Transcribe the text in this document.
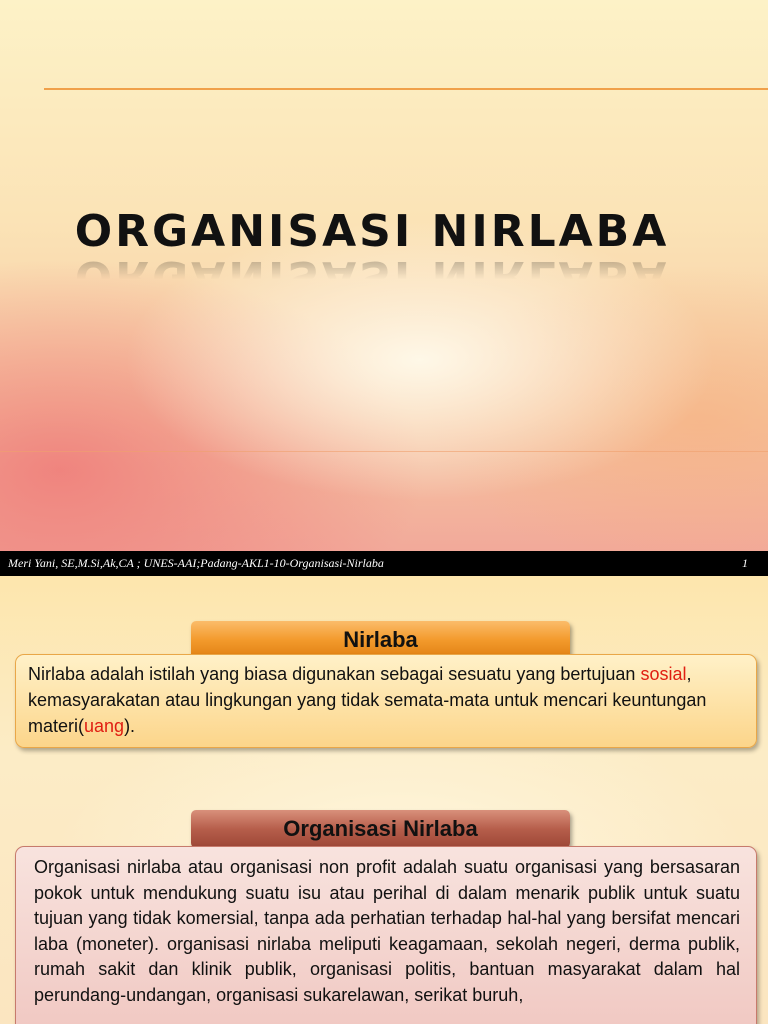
ORGANISASI NIRLABA
Meri Yani, SE,M.Si,Ak,CA ; UNES-AAI;Padang-AKL1-10-Organisasi-Nirlaba	1
Nirlaba
Nirlaba adalah istilah yang biasa digunakan sebagai sesuatu yang bertujuan sosial, kemasyarakatan atau lingkungan yang tidak semata-mata untuk mencari keuntungan materi(uang).
Organisasi Nirlaba
Organisasi nirlaba atau organisasi non profit adalah suatu organisasi yang bersasaran pokok untuk mendukung suatu isu atau perihal di dalam menarik publik untuk suatu tujuan yang tidak komersial, tanpa ada perhatian terhadap hal-hal yang bersifat mencari laba (moneter). organisasi nirlaba meliputi keagamaan, sekolah negeri, derma publik, rumah sakit dan klinik publik, organisasi politis, bantuan masyarakat dalam hal perundang-undangan, organisasi sukarelawan, serikat buruh,
